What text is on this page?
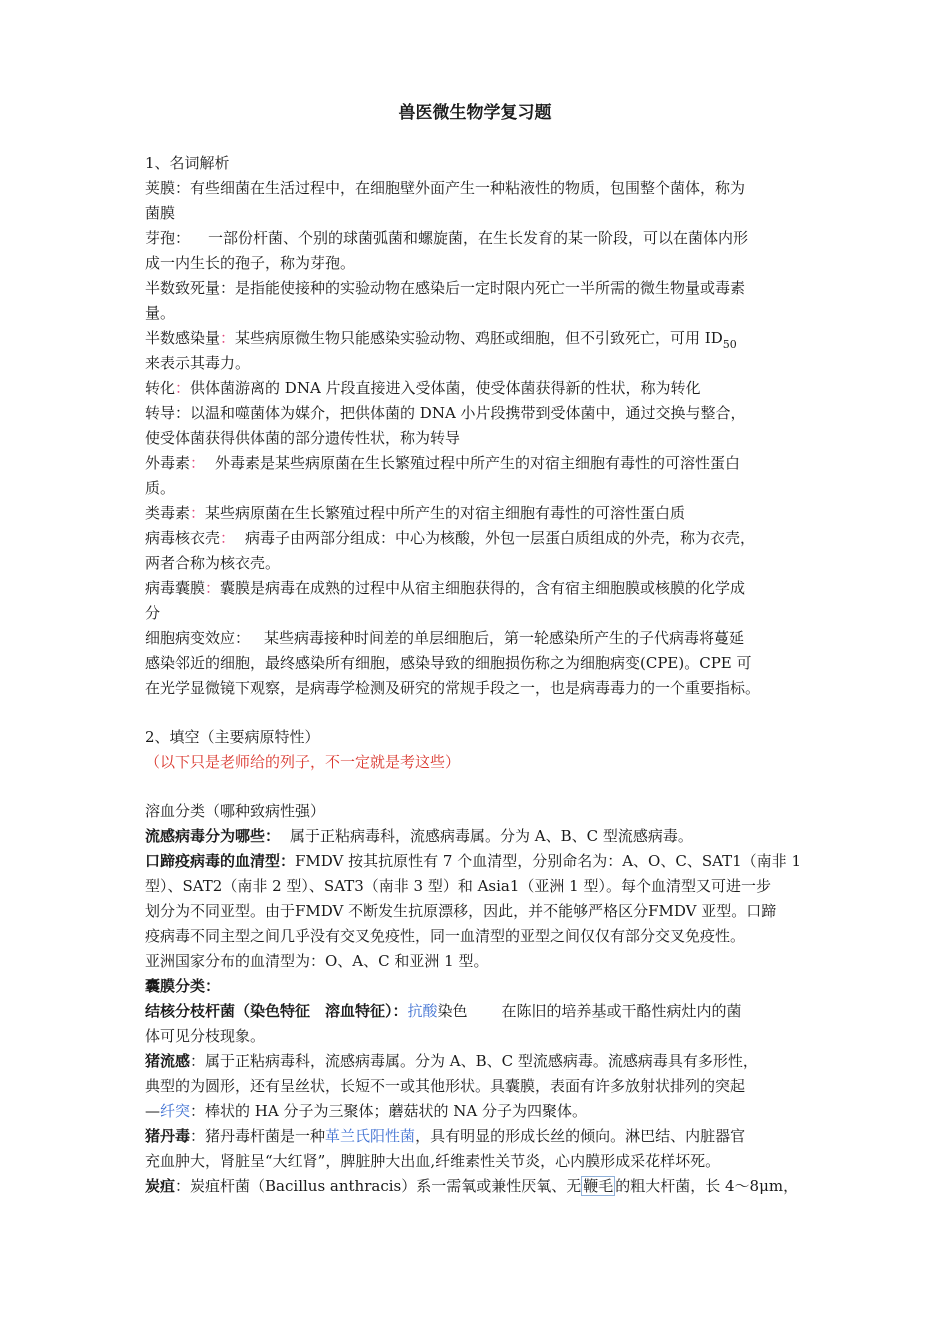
兽医微生物学复习题
1、名词解析
荚膜：有些细菌在生活过程中，在细胞壁外面产生一种粘液性的物质，包围整个菌体，称为
菌膜
芽孢： 一部份杆菌、个别的球菌弧菌和螺旋菌，在生长发育的某一阶段，可以在菌体内形
成一内生长的孢子，称为芽孢。
半数致死量：是指能使接种的实验动物在感染后一定时限内死亡一半所需的微生物量或毒素
量。
半数感染量：某些病原微生物只能感染实验动物、鸡胚或细胞，但不引致死亡，可用 $ID_{50}$
来表示其毒力。
转化：供体菌游离的 DNA 片段直接进入受体菌，使受体菌获得新的性状，称为转化
转导：以温和噬菌体为媒介，把供体菌的 DNA 小片段携带到受体菌中，通过交换与整合，
使受体菌获得供体菌的部分遗传性状，称为转导
外毒素： 外毒素是某些病原菌在生长繁殖过程中所产生的对宿主细胞有毒性的可溶性蛋白
质。
类毒素：某些病原菌在生长繁殖过程中所产生的对宿主细胞有毒性的可溶性蛋白质
病毒核衣壳： 病毒子由两部分组成：中心为核酸，外包一层蛋白质组成的外壳，称为衣壳，
两者合称为核衣壳。
病毒囊膜：囊膜是病毒在成熟的过程中从宿主细胞获得的，含有宿主细胞膜或核膜的化学成
分
细胞病变效应： 某些病毒接种时间差的单层细胞后，第一轮感染所产生的子代病毒将蔓延
感染邻近的细胞，最终感染所有细胞，感染导致的细胞损伤称之为细胞病变(CPE)。CPE 可
在光学显微镜下观察，是病毒学检测及研究的常规手段之一，也是病毒毒力的一个重要指标。
2、填空（主要病原特性）
（以下只是老师给的列子，不一定就是考这些）
溶血分类（哪种致病性强）
流感病毒分为哪些： 属于正粘病毒科，流感病毒属。分为 A、B、C 型流感病毒。
口蹄疫病毒的血清型：FMDV 按其抗原性有 7 个血清型，分别命名为：A、O、C、SAT1（南非 1
型）、SAT2（南非 2 型）、SAT3（南非 3 型）和 Asia1（亚洲 1 型）。每个血清型又可进一步
划分为不同亚型。由于FMDV 不断发生抗原漂移，因此，并不能够严格区分FMDV 亚型。口蹄
疫病毒不同主型之间几乎没有交叉免疫性，同一血清型的亚型之间仅仅有部分交叉免疫性。
亚洲国家分布的血清型为：O、A、C 和亚洲 1 型。
囊膜分类：
结核分枝杆菌（染色特征　溶血特征）：抗酸染色 在陈旧的培养基或干酪性病灶内的菌
体可见分枝现象。
猪流感：属于正粘病毒科，流感病毒属。分为 A、B、C 型流感病毒。流感病毒具有多形性，
典型的为圆形，还有呈丝状，长短不一或其他形状。具囊膜，表面有许多放射状排列的突起
—纤突：棒状的 HA 分子为三聚体；蘑菇状的 NA 分子为四聚体。
猪丹毒：猪丹毒杆菌是一种革兰氏阳性菌，具有明显的形成长丝的倾向。淋巴结、内脏器官
充血肿大，肾脏呈“大红肾”，脾脏肿大出血,纤维素性关节炎，心内膜形成采花样坏死。
炭疽：炭疽杆菌（Bacillus anthracis）系一需氧或兼性厌氧、无 鞭毛 的粗大杆菌，长 4～8μm，
